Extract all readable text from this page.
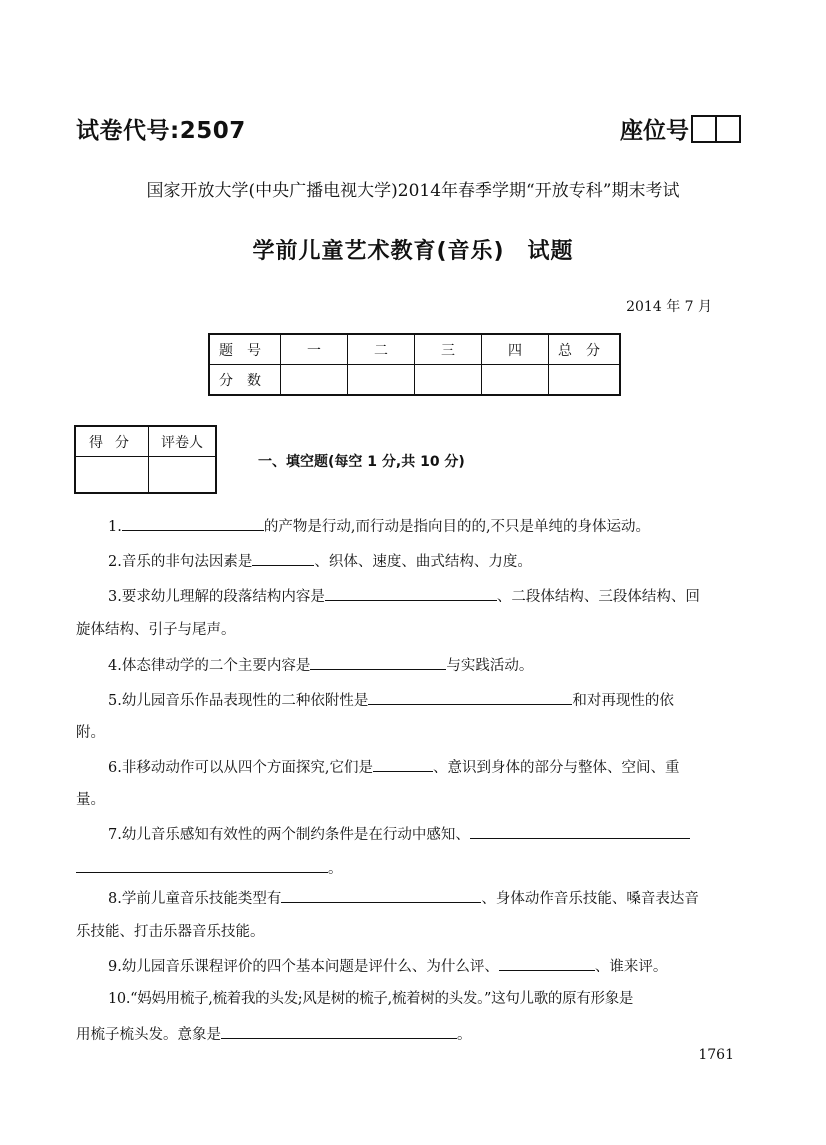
试卷代号:2507	座位号
国家开放大学(中央广播电视大学)2014年春季学期“开放专科”期末考试
学前儿童艺术教育(音乐)　试题
2014 年 7 月
题号	一	二	三	四	总分
分数					
得分	评卷人

一、填空题(每空 1 分,共 10 分)
1.	的产物是行动,而行动是指向目的的,不只是单纯的身体运动。
2.音乐的非句法因素是	、织体、速度、曲式结构、力度。
3.要求幼儿理解的段落结构内容是	、二段体结构、三段体结构、回
旋体结构、引子与尾声。
4.体态律动学的二个主要内容是	与实践活动。
5.幼儿园音乐作品表现性的二种依附性是	和对再现性的依
附。
6.非移动动作可以从四个方面探究,它们是	、意识到身体的部分与整体、空间、重
量。
7.幼儿音乐感知有效性的两个制约条件是在行动中感知、
。
8.学前儿童音乐技能类型有	、身体动作音乐技能、嗓音表达音
乐技能、打击乐器音乐技能。
9.幼儿园音乐课程评价的四个基本问题是评什么、为什么评、	、谁来评。
10.“妈妈用梳子,梳着我的头发;风是树的梳子,梳着树的头发。”这句儿歌的原有形象是
用梳子梳头发。意象是	。
1761
